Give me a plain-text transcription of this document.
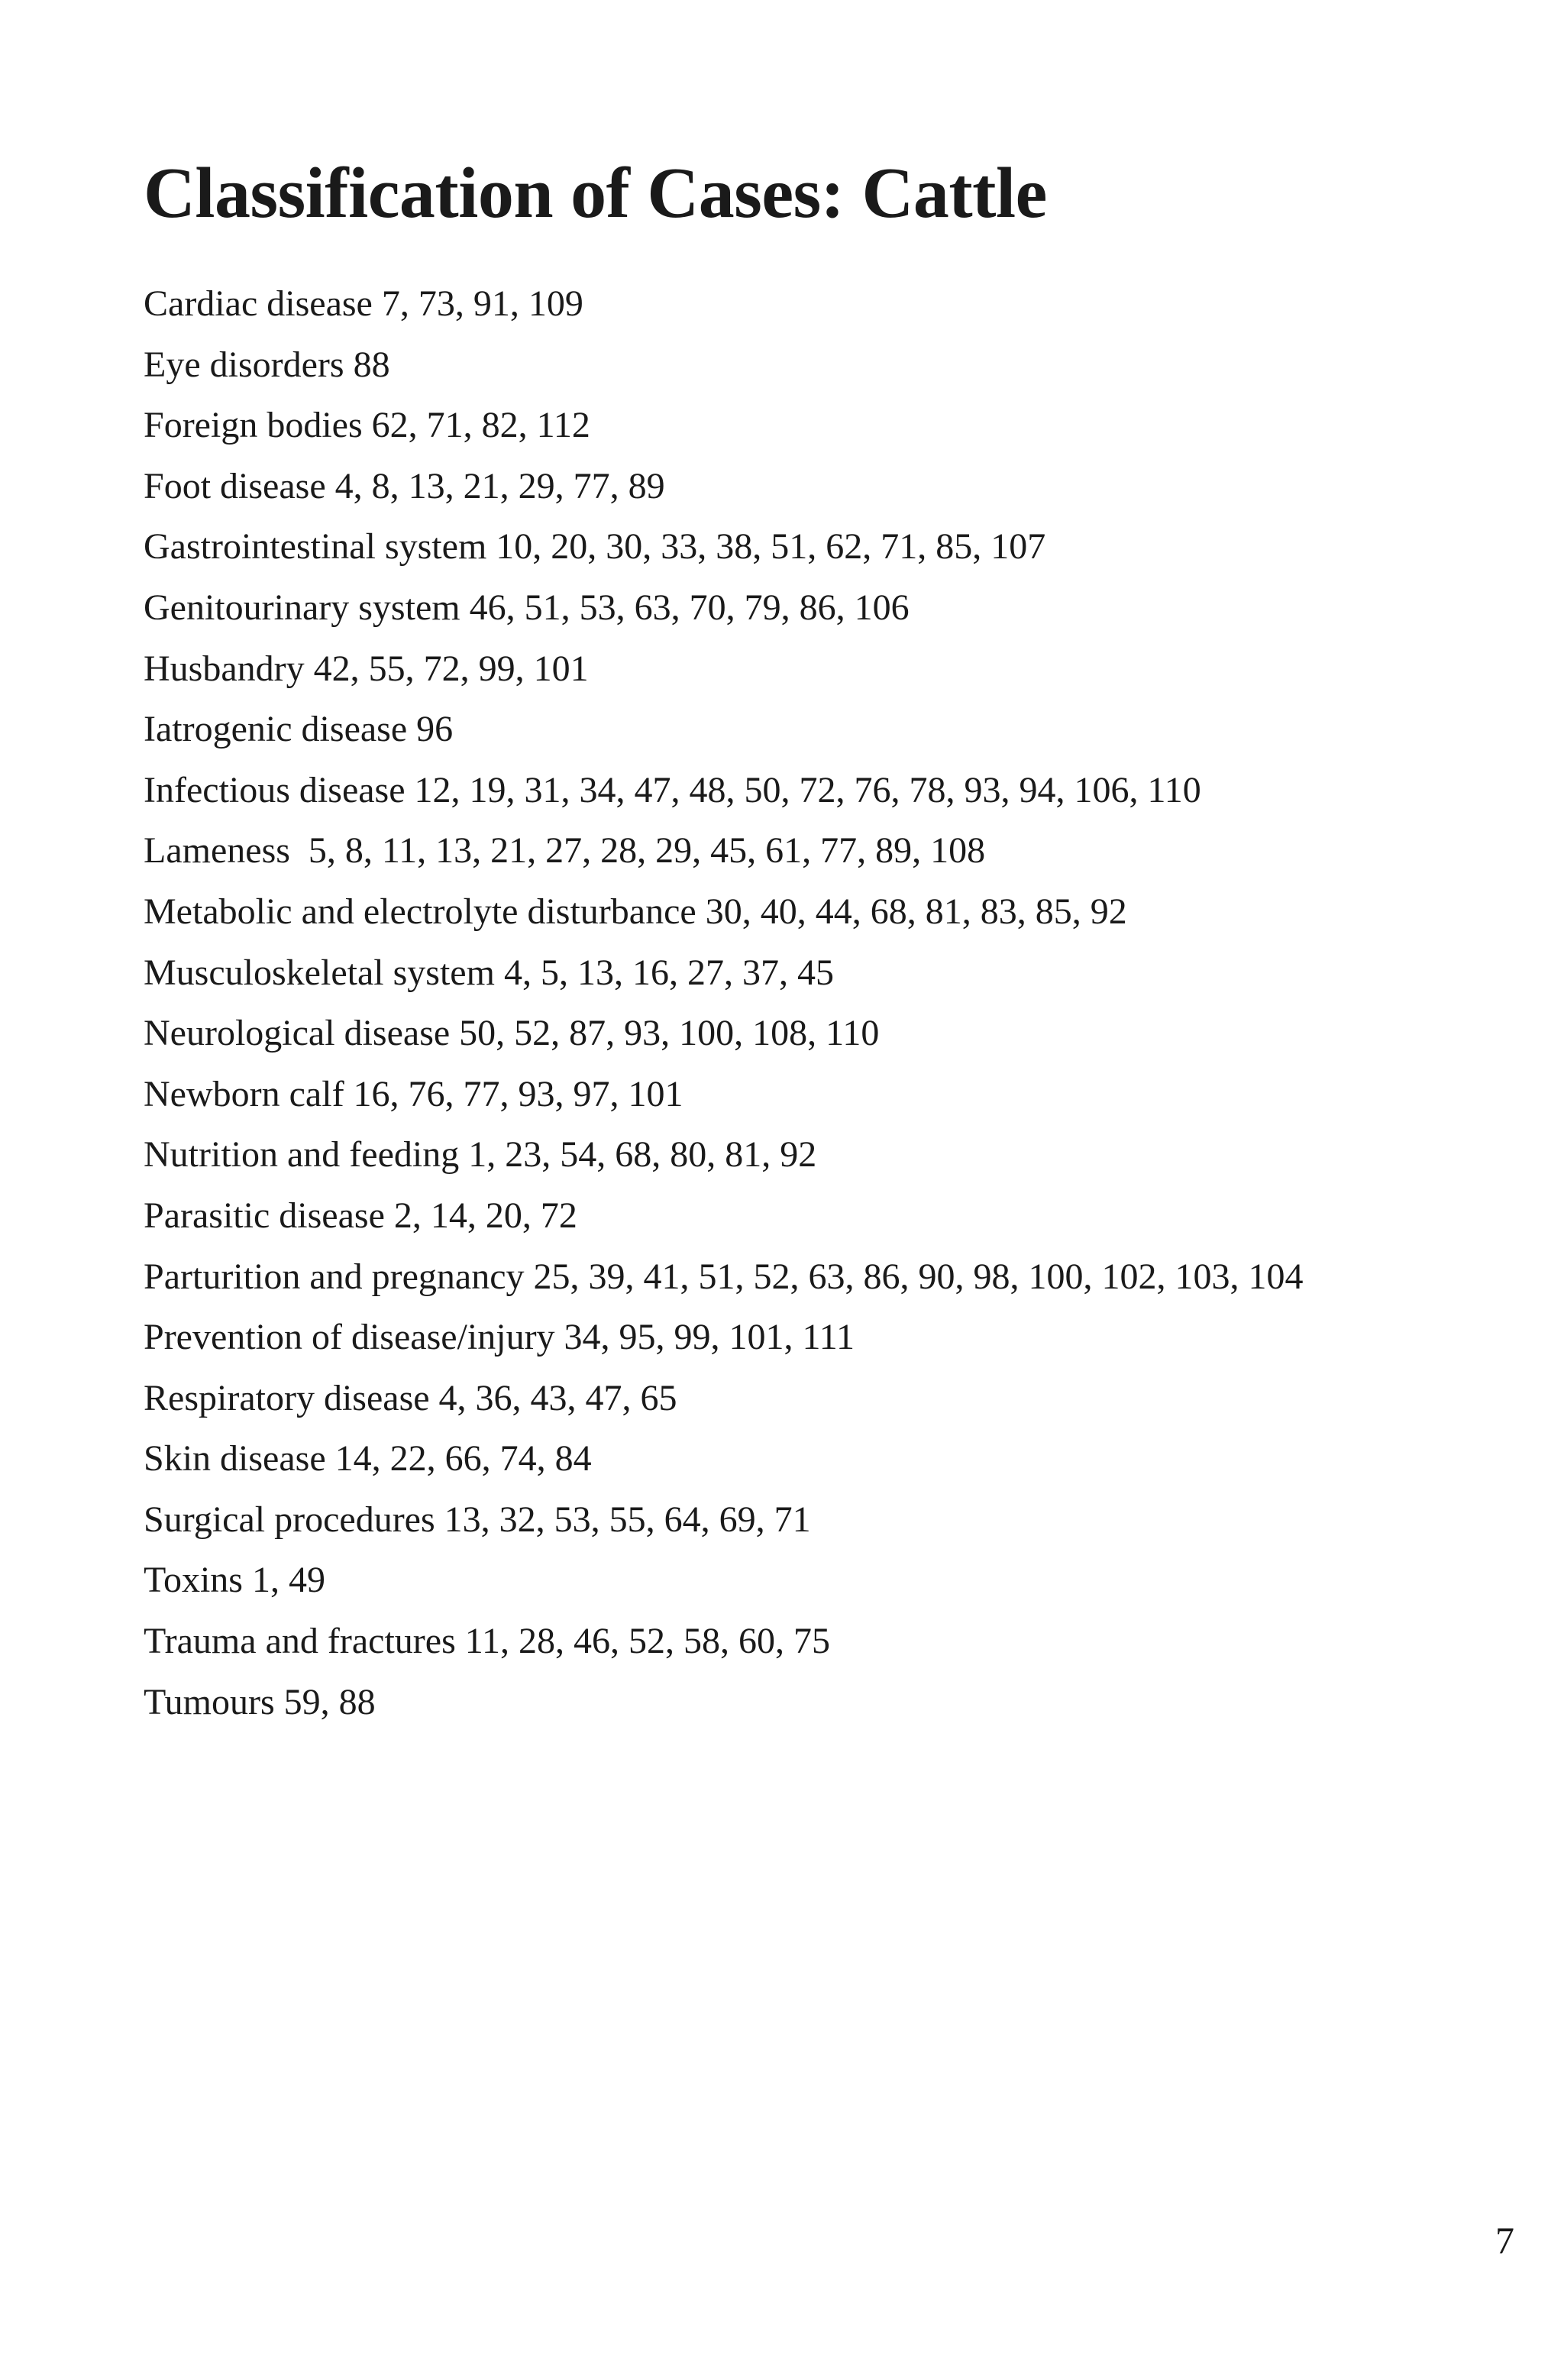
Classification of Cases: Cattle
Cardiac disease 7, 73, 91, 109
Eye disorders 88
Foreign bodies 62, 71, 82, 112
Foot disease 4, 8, 13, 21, 29, 77, 89
Gastrointestinal system 10, 20, 30, 33, 38, 51, 62, 71, 85, 107
Genitourinary system 46, 51, 53, 63, 70, 79, 86, 106
Husbandry 42, 55, 72, 99, 101
Iatrogenic disease 96
Infectious disease 12, 19, 31, 34, 47, 48, 50, 72, 76, 78, 93, 94, 106, 110
Lameness  5, 8, 11, 13, 21, 27, 28, 29, 45, 61, 77, 89, 108
Metabolic and electrolyte disturbance 30, 40, 44, 68, 81, 83, 85, 92
Musculoskeletal system 4, 5, 13, 16, 27, 37, 45
Neurological disease 50, 52, 87, 93, 100, 108, 110
Newborn calf 16, 76, 77, 93, 97, 101
Nutrition and feeding 1, 23, 54, 68, 80, 81, 92
Parasitic disease 2, 14, 20, 72
Parturition and pregnancy 25, 39, 41, 51, 52, 63, 86, 90, 98, 100, 102, 103, 104
Prevention of disease/injury 34, 95, 99, 101, 111
Respiratory disease 4, 36, 43, 47, 65
Skin disease 14, 22, 66, 74, 84
Surgical procedures 13, 32, 53, 55, 64, 69, 71
Toxins 1, 49
Trauma and fractures 11, 28, 46, 52, 58, 60, 75
Tumours 59, 88
7
